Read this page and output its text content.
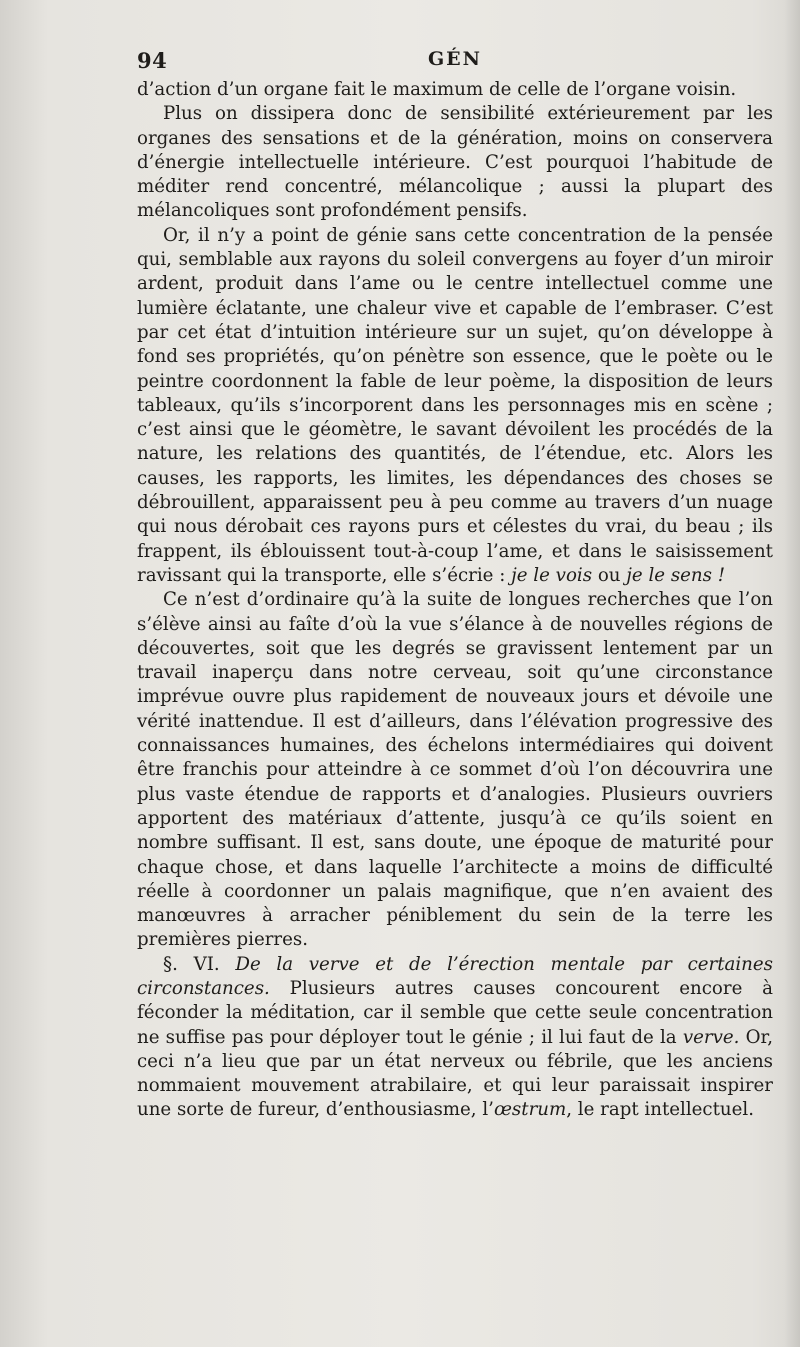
94	GÉN

d’action d’un organe fait le maximum de celle de l’organe voisin.

Plus on dissipera donc de sensibilité extérieurement par les organes des sensations et de la génération, moins on conservera d’énergie intellectuelle intérieure. C’est pourquoi l’habitude de méditer rend concentré, mélancolique ; aussi la plupart des mélancoliques sont profondément pensifs.

Or, il n’y a point de génie sans cette concentration de la pensée qui, semblable aux rayons du soleil convergens au foyer d’un miroir ardent, produit dans l’ame ou le centre intellectuel comme une lumière éclatante, une chaleur vive et capable de l’embraser. C’est par cet état d’intuition intérieure sur un sujet, qu’on développe à fond ses propriétés, qu’on pénètre son essence, que le poète ou le peintre coordonnent la fable de leur poème, la disposition de leurs tableaux, qu’ils s’incorporent dans les personnages mis en scène ; c’est ainsi que le géomètre, le savant dévoilent les procédés de la nature, les relations des quantités, de l’étendue, etc. Alors les causes, les rapports, les limites, les dépendances des choses se débrouillent, apparaissent peu à peu comme au travers d’un nuage qui nous dérobait ces rayons purs et célestes du vrai, du beau ; ils frappent, ils éblouissent tout-à-coup l’ame, et dans le saisissement ravissant qui la transporte, elle s’écrie : je le vois ou je le sens !

Ce n’est d’ordinaire qu’à la suite de longues recherches que l’on s’élève ainsi au faîte d’où la vue s’élance à de nouvelles régions de découvertes, soit que les degrés se gravissent lentement par un travail inaperçu dans notre cerveau, soit qu’une circonstance imprévue ouvre plus rapidement de nouveaux jours et dévoile une vérité inattendue. Il est d’ailleurs, dans l’élévation progressive des connaissances humaines, des échelons intermédiaires qui doivent être franchis pour atteindre à ce sommet d’où l’on découvrira une plus vaste étendue de rapports et d’analogies. Plusieurs ouvriers apportent des matériaux d’attente, jusqu’à ce qu’ils soient en nombre suffisant. Il est, sans doute, une époque de maturité pour chaque chose, et dans laquelle l’architecte a moins de difficulté réelle à coordonner un palais magnifique, que n’en avaient des manœuvres à arracher péniblement du sein de la terre les premières pierres.

§. VI. De la verve et de l’érection mentale par certaines circonstances. Plusieurs autres causes concourent encore à féconder la méditation, car il semble que cette seule concentration ne suffise pas pour déployer tout le génie ; il lui faut de la verve. Or, ceci n’a lieu que par un état nerveux ou fébrile, que les anciens nommaient mouvement atrabilaire, et qui leur paraissait inspirer une sorte de fureur, d’enthousiasme, l’œstrum, le rapt intellectuel.
